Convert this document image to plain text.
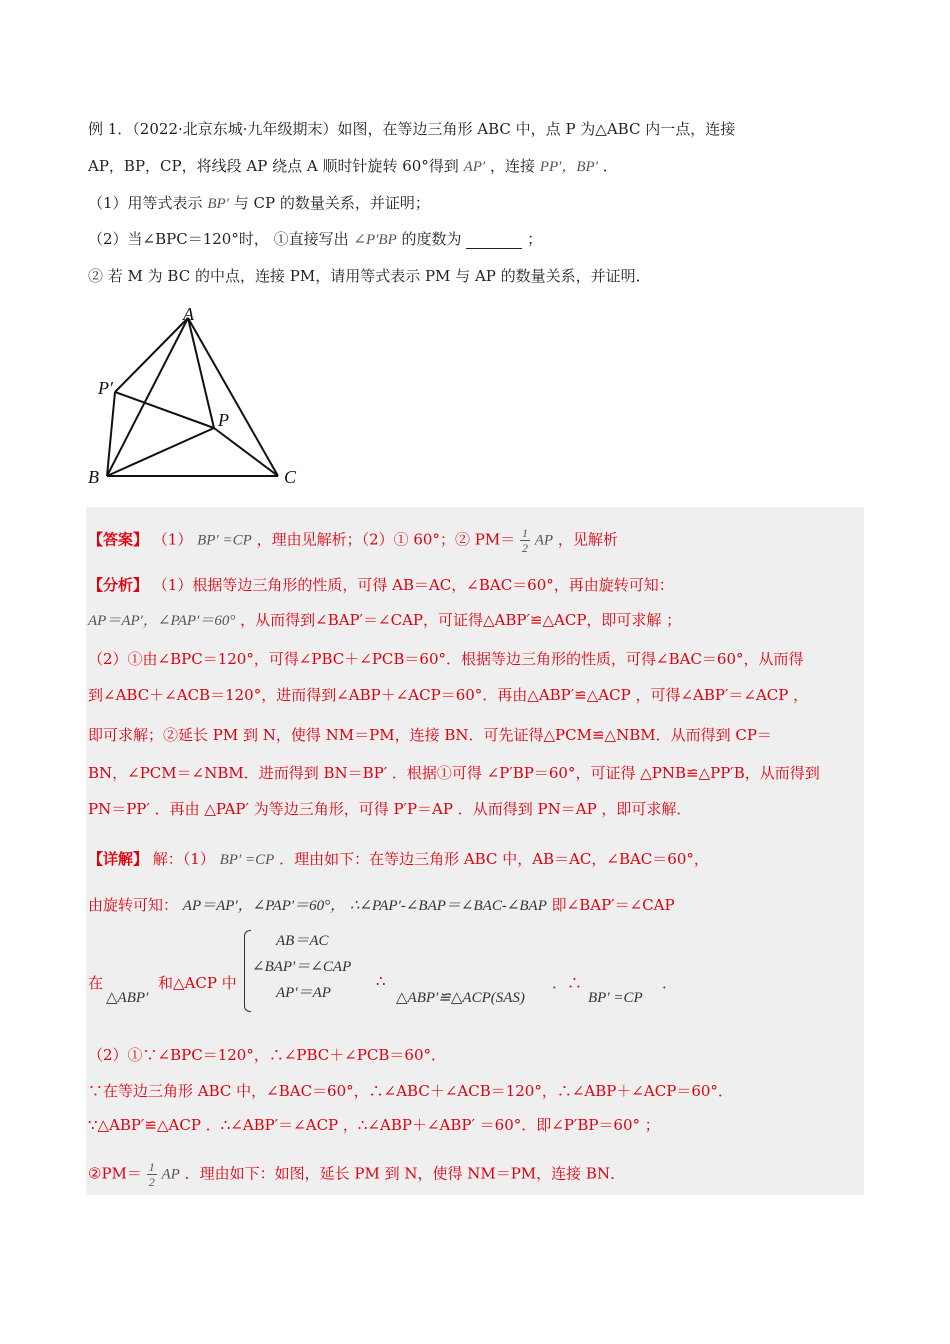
例 1．（2022·北京东城·九年级期末）如图，在等边三角形 ABC 中，点 P 为△ABC 内一点，连接
AP，BP，CP，将线段 AP 绕点 A 顺时针旋转 60°得到 AP′ ，连接 PP′，BP′ ．
（1）用等式表示 BP′ 与 CP 的数量关系，并证明；
（2）当∠BPC＝120°时， ①直接写出 ∠P′BP 的度数为	；
② 若 M 为 BC 的中点，连接 PM，请用等式表示 PM 与 AP 的数量关系，并证明．
A
B	C
P
P′
【答案】 （1） BP′ =CP ，理由见解析；（2）① 60°；② $PM= \frac{1}{2}$ AP ，见解析
【分析】 （1）根据等边三角形的性质，可得 AB＝AC，∠BAC＝60°，再由旋转可知：
AP＝AP′，∠PAP′＝60° ，从而得到∠BAP′＝∠CAP，可证得△ABP′≌△ACP，即可求解 ；
（2）①由∠BPC＝120°，可得∠PBC＋∠PCB＝60°．根据等边三角形的性质，可得∠BAC＝60°，从而得
到∠ABC＋∠ACB＝120°，进而得到∠ABP＋∠ACP＝60°．再由△ABP′≌△ACP ，可得∠ABP′＝∠ACP ，
即可求解；②延长 PM 到 N，使得 NM＝PM，连接 BN．可先证得△PCM≌△NBM．从而得到 CP＝
BN，∠PCM＝∠NBM．进而得到 BN＝BP′ ．根据①可得 ∠P′BP＝60°，可证得 △PNB≌△PP′B，从而得到
PN＝PP′ ．再由 △PAP′ 为等边三角形，可得 P′P＝AP ．从而得到 PN＝AP ，即可求解．
【详解】 解：（1） BP′ =CP ．理由如下：在等边三角形 ABC 中，AB＝AC，∠BAC＝60°，
由旋转可知： AP＝AP′，∠PAP′＝60°， ∴∠PAP′-∠BAP＝∠BAC-∠BAP 即∠BAP′＝∠CAP
在
△ABP′
和△ACP 中
AB＝AC
∠BAP′＝∠CAP
AP′＝AP
∴
△ABP′≌△ACP(SAS)
．∴
BP′ =CP
．
（2）①∵∠BPC＝120°，∴∠PBC＋∠PCB＝60°．
∵在等边三角形 ABC 中，∠BAC＝60°，∴∠ABC＋∠ACB＝120°，∴∠ABP＋∠ACP＝60°．
∵△ABP′≌△ACP ．∴∠ABP′＝∠ACP ，∴∠ABP＋∠ABP′ ＝60°．即∠P′BP＝60° ；
②PM＝ $\frac{1}{2}$ AP ．理由如下：如图，延长 PM 到 N，使得 NM＝PM，连接 BN．
